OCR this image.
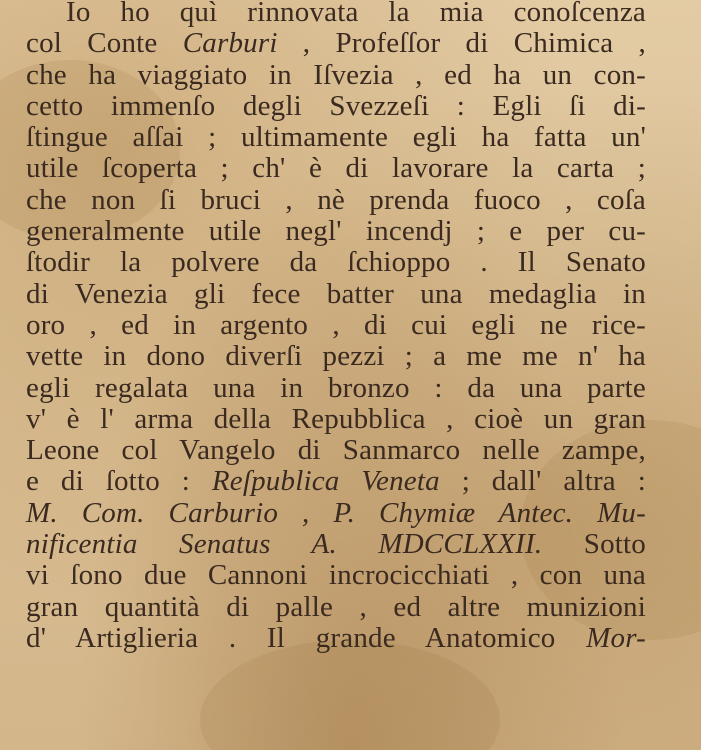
Io ho quì rinnovata la mia conoſcenza
col Conte Carburi , Profeſſor di Chimica ,
che ha viaggiato in Iſvezia , ed ha un con-
cetto immenſo degli Svezzeſi : Egli ſi di-
ſtingue aſſai ; ultimamente egli ha fatta un'
utile ſcoperta ; ch' è di lavorare la carta ;
che non ſi bruci , nè prenda fuoco , coſa
generalmente utile negl' incendj ; e per cu-
ſtodir la polvere da ſchioppo . Il Senato
di Venezia gli fece batter una medaglia in
oro , ed in argento , di cui egli ne rice-
vette in dono diverſi pezzi ; a me me n' ha
egli regalata una in bronzo : da una parte
v' è l' arma della Repubblica , cioè un gran
Leone col Vangelo di Sanmarco nelle zampe,
e di ſotto : Reſpublica Veneta ; dall' altra :
M. Com. Carburio , P. Chymiæ Antec. Mu-
nificentia Senatus A. MDCCLXXII. Sotto
vi ſono due Cannoni incrocicchiati , con una
gran quantità di palle , ed altre munizioni
d' Artiglieria . Il grande Anatomico Mor-
